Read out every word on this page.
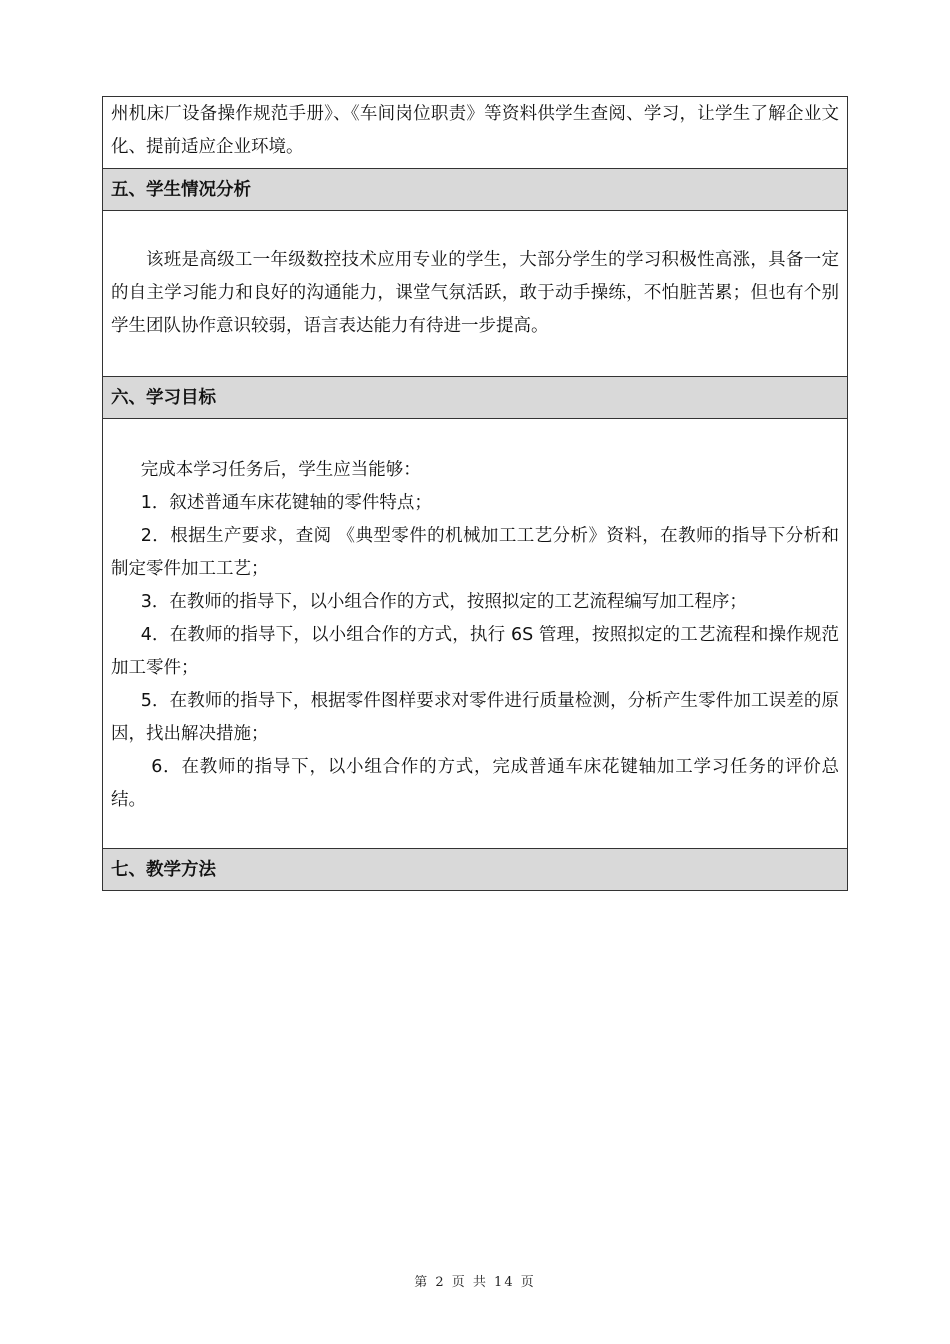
州机床厂设备操作规范手册》、《车间岗位职责》等资料供学生查阅、学习，让学生了解企业文化、提前适应企业环境。

五、学生情况分析

该班是高级工一年级数控技术应用专业的学生，大部分学生的学习积极性高涨，具备一定的自主学习能力和良好的沟通能力，课堂气氛活跃，敢于动手操练，不怕脏苦累；但也有个别学生团队协作意识较弱，语言表达能力有待进一步提高。

六、学习目标

完成本学习任务后，学生应当能够：

1．叙述普通车床花键轴的零件特点；

2．根据生产要求，查阅 《典型零件的机械加工工艺分析》资料，在教师的指导下分析和制定零件加工工艺；

3．在教师的指导下，以小组合作的方式，按照拟定的工艺流程编写加工程序；

4．在教师的指导下，以小组合作的方式，执行 6S 管理，按照拟定的工艺流程和操作规范加工零件；

5．在教师的指导下，根据零件图样要求对零件进行质量检测，分析产生零件加工误差的原因，找出解决措施；

6．在教师的指导下，以小组合作的方式，完成普通车床花键轴加工学习任务的评价总结。

七、教学方法
第 2 页 共 14 页
